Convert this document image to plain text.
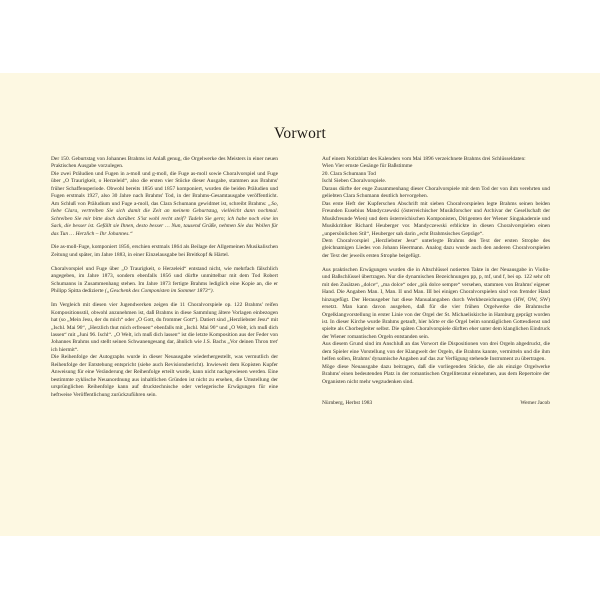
Vorwort

Der 150. Geburtstag von Johannes Brahms ist Anlaß genug, die Orgelwerke des Meisters in einer neuen Praktischen Ausgabe vorzulegen.

Die zwei Präludien und Fugen in a-moll und g-moll, die Fuge as-moll sowie Choralvorspiel und Fuge über „O Traurigkeit, o Herzeleid“, also die ersten vier Stücke dieser Ausgabe, stammen aus Brahms' früher Schaffensperiode. Obwohl bereits 1856 und 1857 komponiert, wurden die beiden Präludien und Fugen erstmals 1927, also 30 Jahre nach Brahms' Tod, in der Brahms-Gesamtausgabe veröffentlicht. Am Schluß von Präludium und Fuge a-moll, das Clara Schumann gewidmet ist, schreibt Brahms: „So, liebe Clara, vertreiben Sie sich damit die Zeit an meinem Geburtstag, vielleicht dann nochmal. Schreiben Sie mir bitte doch darüber. S'ist wohl recht steif? Tadeln Sie gern; ich habe noch eine im Sack, die besser ist. Gefällt sie Ihnen, desto besser … Nun, tausend Grüße, nehmen Sie das Wollen für das Tun … Herzlich – Ihr Johannes.“

Die as-moll-Fuge, komponiert 1856, erschien erstmals 1864 als Beilage der Allgemeinen Musikalischen Zeitung und später, im Jahre 1883, in einer Einzelausgabe bei Breitkopf & Härtel.

Choralvorspiel und Fuge über „O Traurigkeit, o Herzeleid“ entstand nicht, wie mehrfach fälschlich angegeben, im Jahre 1873, sondern ebenfalls 1856 und dürfte unmittelbar mit dem Tod Robert Schumanns in Zusammenhang stehen. Im Jahre 1873 fertigte Brahms lediglich eine Kopie an, die er Philipp Spitta dedizierte („Geschenk des Componisten im Sommer 1873“).

Im Vergleich mit diesen vier Jugendwerken zeigen die 11 Choralvorspiele op. 122 Brahms' reifen Kompositionsstil, obwohl anzunehmen ist, daß Brahms in diese Sammlung ältere Vorlagen einbezogen hat (so „Mein Jesu, der du mich“ oder „O Gott, du frommer Gott“). Datiert sind „Herzliebster Jesu“ mit „Ischl. Mai 96“, „Herzlich thut mich erfreuen“ ebenfalls mit „Ischl. Mai 96“ und „O Welt, ich muß dich lassen“ mit „Juni 96. Ischl“. „O Welt, ich muß dich lassen“ ist die letzte Komposition aus der Feder von Johannes Brahms und stellt seinen Schwanengesang dar, ähnlich wie J.S. Bachs „Vor deinen Thron tret' ich hiermit“.

Die Reihenfolge der Autographs wurde in dieser Neuausgabe wiederhergestellt, was vermutlich der Reihenfolge der Entstehung entspricht (siehe auch Revisionsbericht). Inwieweit dem Kopisten Kupfer Anweisung für eine Veränderung der Reihenfolge erteilt wurde, kann nicht nachgewiesen werden. Eine bestimmte zyklische Neuanordnung aus inhaltlichen Gründen ist nicht zu ersehen, die Umstellung der ursprünglichen Reihenfolge kann auf drucktechnische oder verlegerische Erwägungen für eine heftweise Veröffentlichung zurückzuführen sein.

Auf einem Notizblatt des Kalenders vom Mai 1896 verzeichnete Brahms drei Schlüsseldaten:

Wien Vier ernste Gesänge für Baßstimme

20. Clara Schumann Tod

Ischl Sieben Choralvorspiele.

Daraus dürfte der enge Zusammenhang dieser Choralvorspiele mit dem Tod der von ihm verehrten und geliebten Clara Schumann deutlich hervorgehen.

Das erste Heft der Kupferschen Abschrift mit sieben Choralvorspielen legte Brahms seinen beiden Freunden Eusebius Mandyczewski (österreichischer Musikforscher und Archivar der Gesellschaft der Musikfreunde Wien) und dem österreichischen Komponisten, Dirigenten der Wiener Singakademie und Musikkritiker Richard Heuberger vor. Mandyczewski erblickte in diesen Choralvorspielen einen „unpersönlichen Stil“, Heuberger sah darin „echt Brahmsisches Gepräge“.

Dem Choralvorspiel „Herzliebster Jesu“ unterlegte Brahms den Text der ersten Strophe des gleichnamigen Liedes von Johann Heermann. Analog dazu wurde auch den anderen Choralvorspielen der Text der jeweils ersten Strophe beigefügt.

Aus praktischen Erwägungen wurden die in Altschlüssel notierten Takte in der Neuausgabe in Violin- und Baßschlüssel übertragen. Nur die dynamischen Bezeichnungen pp, p, mf, und f, bei op. 122 sehr oft mit den Zusätzen „dolce“, „ma dolce“ oder „più dolce sempre“ versehen, stammen von Brahms' eigener Hand. Die Angaben Man. I, Man. II und Man. III bei einigen Choralvorspielen sind von fremder Hand hinzugefügt. Der Herausgeber hat diese Manualangaben durch Werkbezeichnungen (HW, OW, SW) ersetzt. Man kann davon ausgehen, daß für die vier frühen Orgelwerke die Brahmsche Orgelklangvorstellung in erster Linie von der Orgel der St. Michaeliskirche in Hamburg geprägt worden ist. In dieser Kirche wurde Brahms getauft, hier hörte er die Orgel beim sonntäglichen Gottesdienst und spielte als Chorbegleiter selbst. Die späten Choralvorspiele dürften eher unter dem klanglichen Eindruck der Wiener romantischen Orgeln entstanden sein.

Aus diesem Grund sind im Anschluß an das Vorwort die Dispositionen von drei Orgeln abgedruckt, die dem Spieler eine Vorstellung von der Klangwelt der Orgeln, die Brahms kannte, vermitteln und die ihm helfen sollen, Brahms' dynamische Angaben auf das zur Verfügung stehende Instrument zu übertragen.

Möge diese Neuausgabe dazu beitragen, daß die vorliegenden Stücke, die als einzige Orgelwerke Brahms' einen bedeutenden Platz in der romantischen Orgelliteratur einnehmen, aus dem Repertoire der Organisten nicht mehr wegzudenken sind.

Nürnberg, Herbst 1983	Werner Jacob
